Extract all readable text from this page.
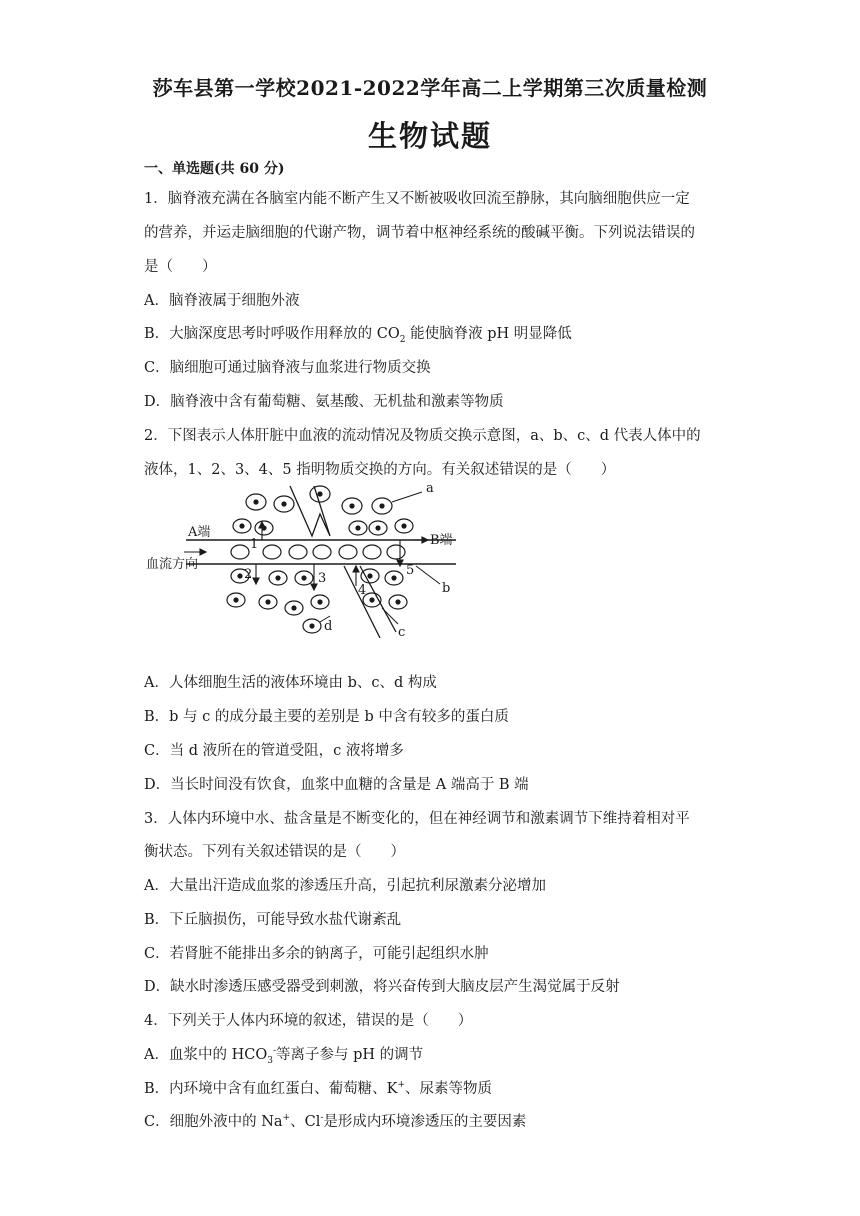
莎车县第一学校2021-2022学年高二上学期第三次质量检测
生物试题
一、单选题(共 60 分)
1．脑脊液充满在各脑室内能不断产生又不断被吸收回流至静脉，其向脑细胞供应一定
的营养，并运走脑细胞的代谢产物，调节着中枢神经系统的酸碱平衡。下列说法错误的
是（　　）
A．脑脊液属于细胞外液
B．大脑深度思考时呼吸作用释放的 $CO_2$ 能使脑脊液 pH 明显降低
C．脑细胞可通过脑脊液与血浆进行物质交换
D．脑脊液中含有葡萄糖、氨基酸、无机盐和激素等物质
2．下图表示人体肝脏中血液的流动情况及物质交换示意图，a、b、c、d 代表人体中的
液体，1、2、3、4、5 指明物质交换的方向。有关叙述错误的是（　　）
a
b
c
d
A端
B端
血流方向
1
2	3
4
5
A．人体细胞生活的液体环境由 b、c、d 构成
B．b 与 c 的成分最主要的差别是 b 中含有较多的蛋白质
C．当 d 液所在的管道受阻，c 液将增多
D．当长时间没有饮食，血浆中血糖的含量是 A 端高于 B 端
3．人体内环境中水、盐含量是不断变化的，但在神经调节和激素调节下维持着相对平
衡状态。下列有关叙述错误的是（　　）
A．大量出汗造成血浆的渗透压升高，引起抗利尿激素分泌增加
B．下丘脑损伤，可能导致水盐代谢紊乱
C．若肾脏不能排出多余的钠离子，可能引起组织水肿
D．缺水时渗透压感受器受到刺激，将兴奋传到大脑皮层产生渴觉属于反射
4．下列关于人体内环境的叙述，错误的是（　　）
A．血浆中的 $HCO_3^-$等离子参与 pH 的调节
B．内环境中含有血红蛋白、葡萄糖、K+、尿素等物质
C．细胞外液中的 Na+、Cl-是形成内环境渗透压的主要因素
